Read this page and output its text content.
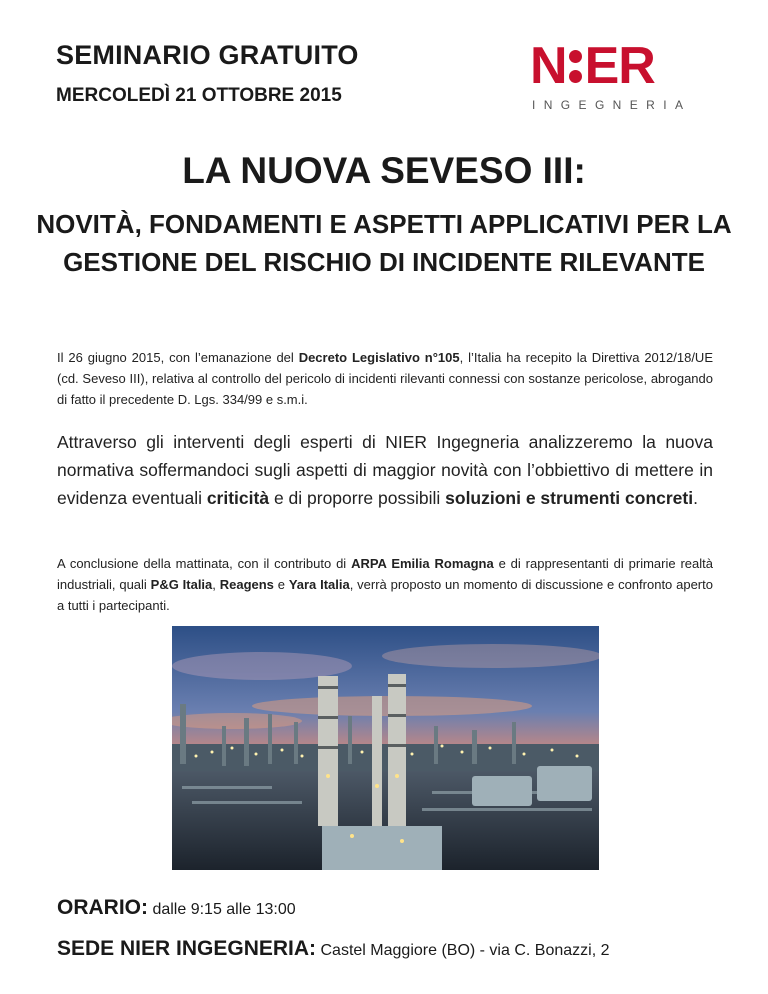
SEMINARIO GRATUITO
MERCOLEDÌ 21 OTTOBRE 2015
N ER
INGEGNERIA
LA NUOVA SEVESO III:
NOVITÀ, FONDAMENTI E ASPETTI APPLICATIVI PER LA GESTIONE DEL RISCHIO DI INCIDENTE RILEVANTE
Il 26 giugno 2015, con l’emanazione del Decreto Legislativo n°105, l’Italia ha recepito la Direttiva 2012/18/UE (cd. Seveso III), relativa al controllo del pericolo di incidenti rilevanti connessi con sostanze pericolose, abrogando di fatto il precedente D. Lgs. 334/99 e s.m.i.
Attraverso gli interventi degli esperti di NIER Ingegneria analizzeremo la nuova normativa soffermandoci sugli aspetti di maggior novità con l’obbiettivo di mettere in evidenza eventuali criticità e di proporre possibili soluzioni e strumenti concreti.
A conclusione della mattinata, con il contributo di ARPA Emilia Romagna e di rappresentanti di primarie realtà industriali, quali P&G Italia, Reagens e Yara Italia, verrà proposto un momento di discussione e confronto aperto a tutti i partecipanti.
ORARIO: dalle 9:15 alle 13:00
SEDE NIER INGEGNERIA: Castel Maggiore (BO) - via C. Bonazzi, 2
